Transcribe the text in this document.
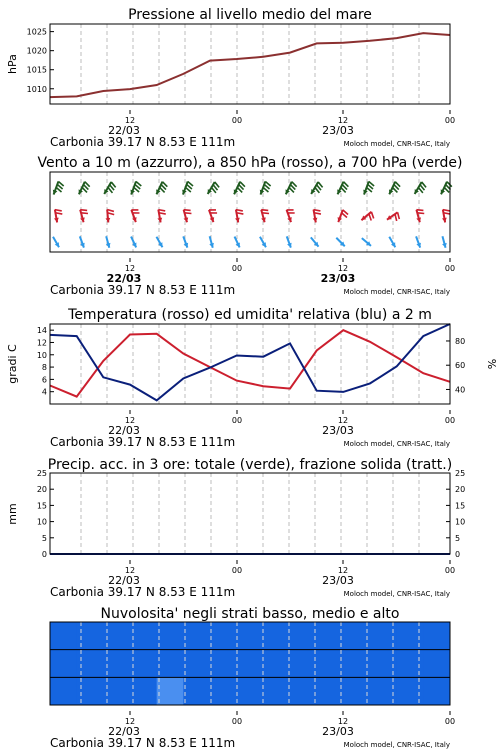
Pressione al livello medio del mare
hPa
1010
1015
1020
1025
12	00	12	00
22/03	23/03
Carbonia 39.17 N 8.53 E 111m	Moloch model, CNR-ISAC, Italy
Vento a 10 m (azzurro), a 850 hPa (rosso), a 700 hPa (verde)
12	00	12	00
22/03	23/03
Carbonia 39.17 N 8.53 E 111m	Moloch model, CNR-ISAC, Italy
Temperatura (rosso) ed umidita' relativa (blu) a 2 m
gradi C	%
4
6
8
10
12
14
40
60
80
12	00	12	00
22/03	23/03
Carbonia 39.17 N 8.53 E 111m	Moloch model, CNR-ISAC, Italy
Precip. acc. in 3 ore: totale (verde), frazione solida (tratt.)
mm
0
5
10
15
20
25
0
5
10
15
20
25
12	00	12	00
22/03	23/03
Carbonia 39.17 N 8.53 E 111m	Moloch model, CNR-ISAC, Italy
Nuvolosita' negli strati basso, medio e alto
12	00	12	00
22/03	23/03
Carbonia 39.17 N 8.53 E 111m	Moloch model, CNR-ISAC, Italy
